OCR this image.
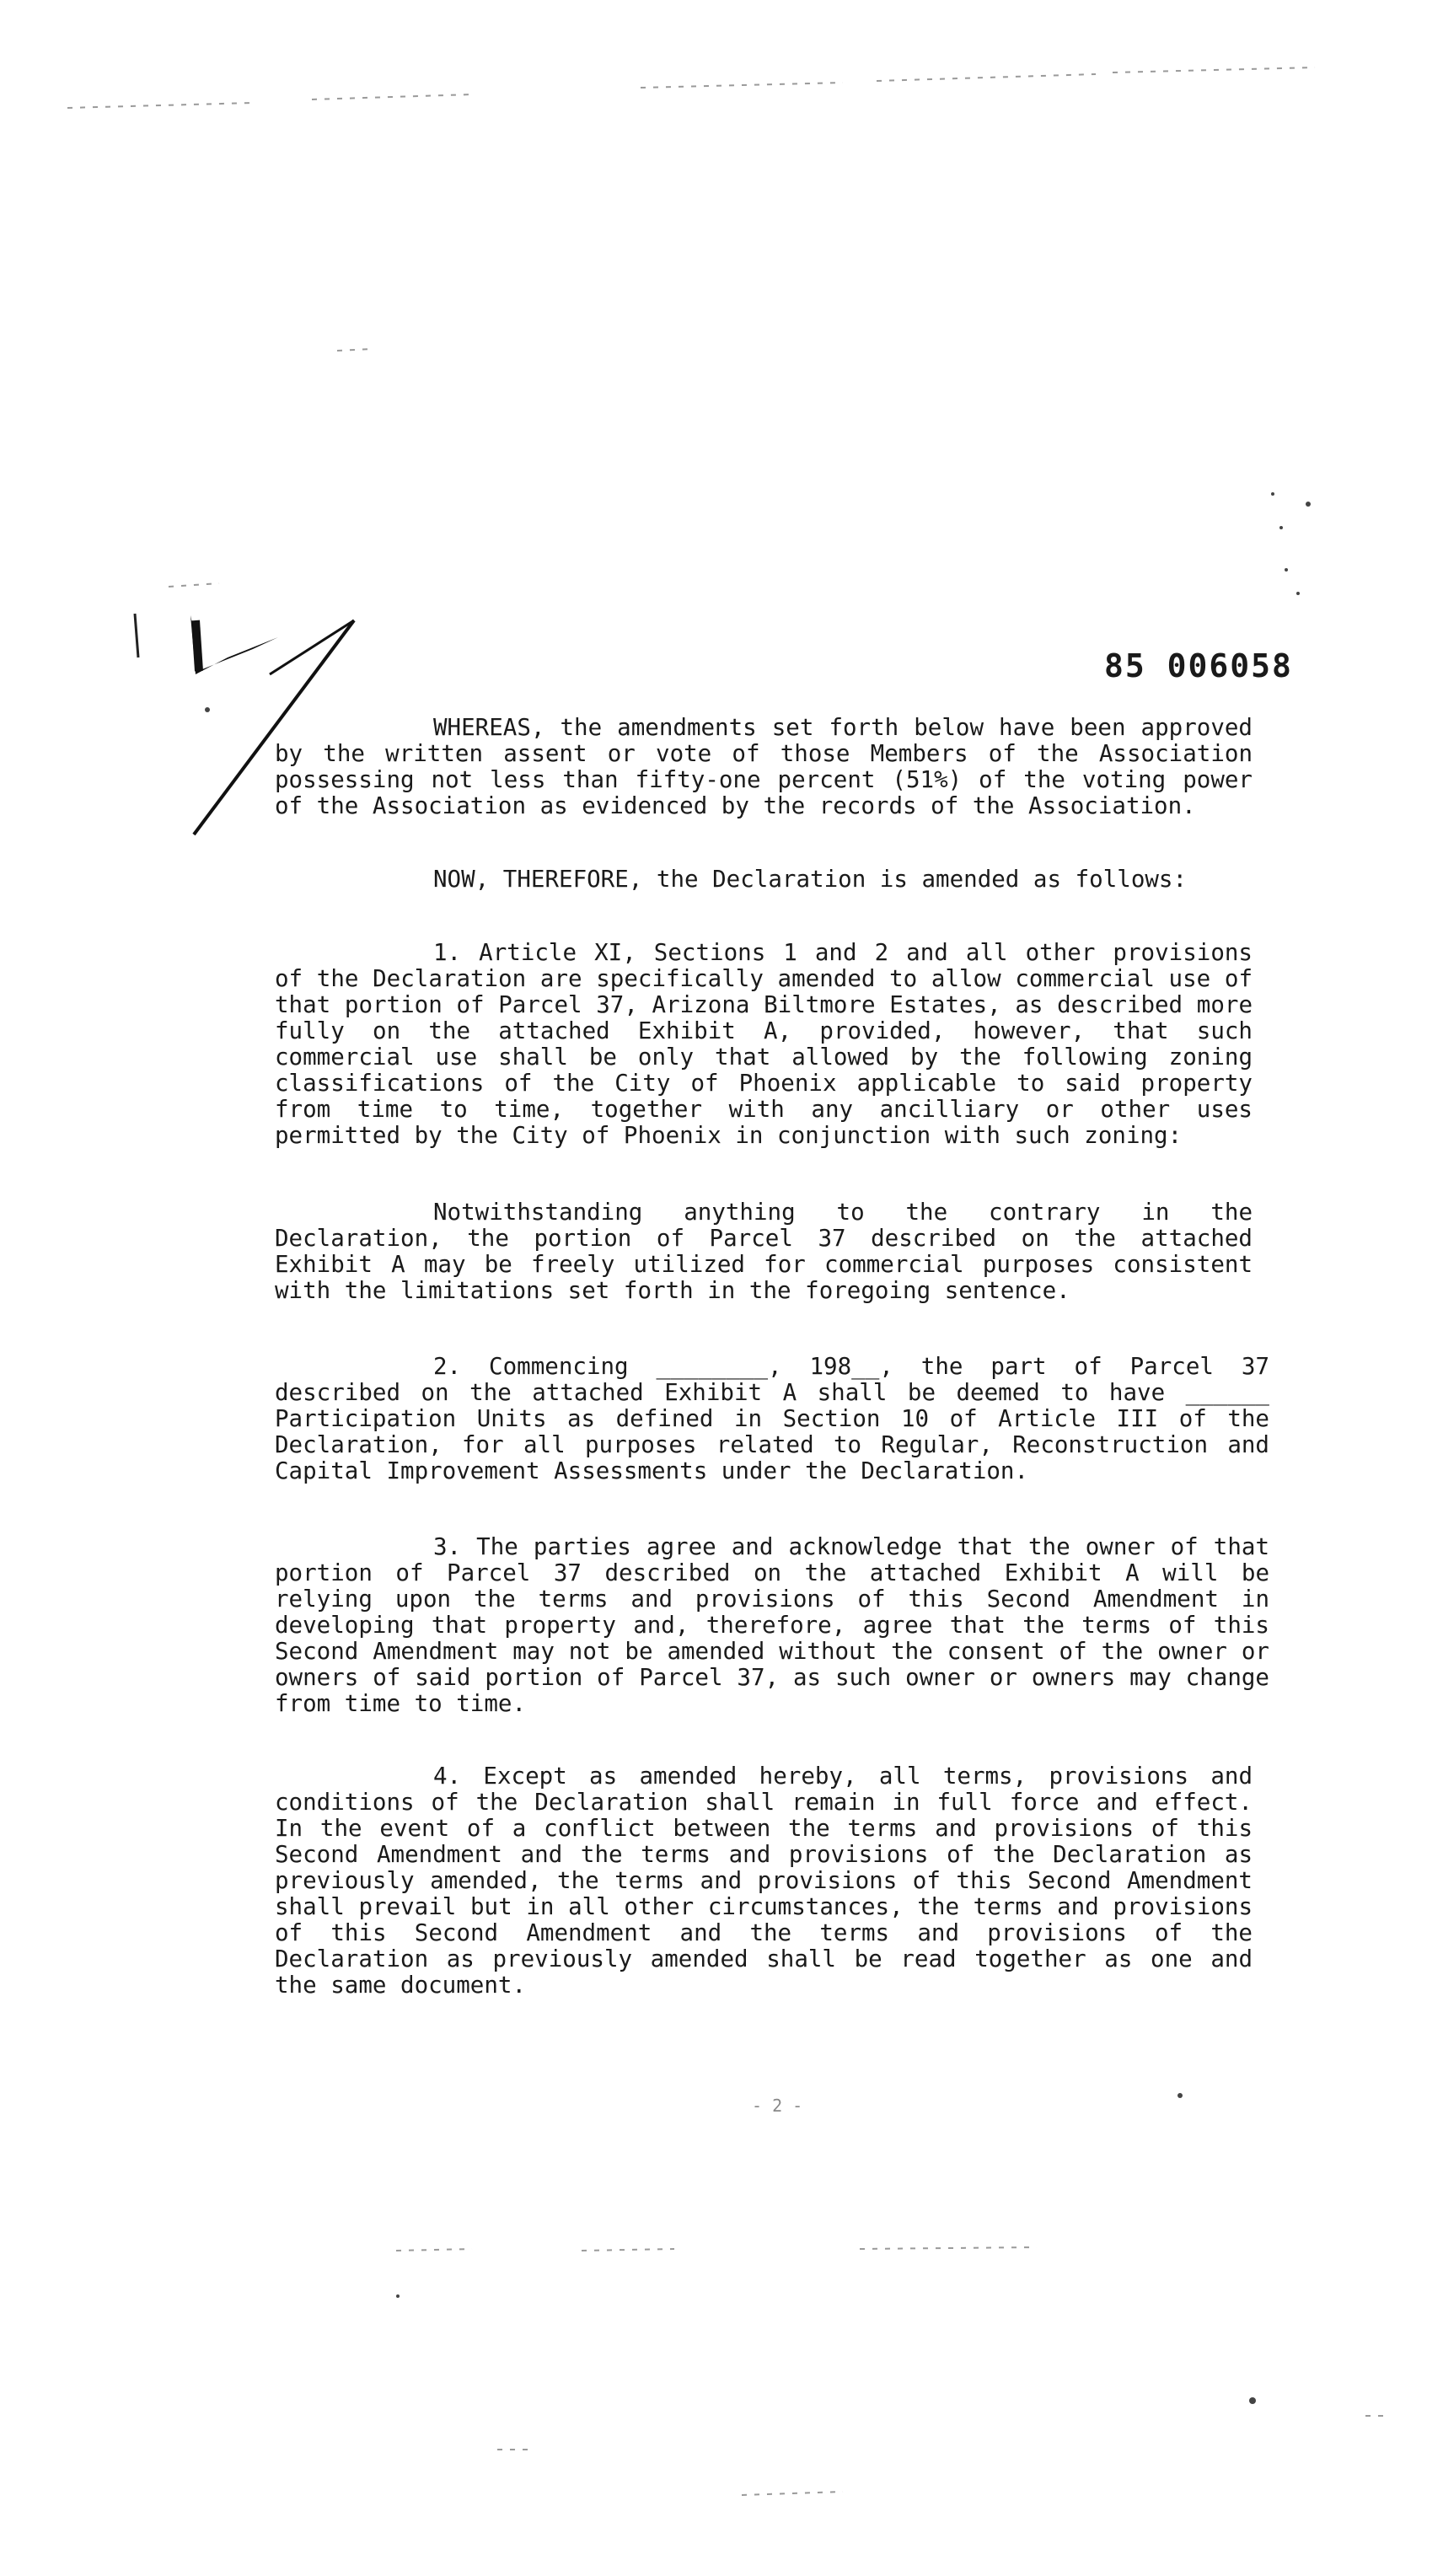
85 006058

WHEREAS, the amendments set forth below have been approved by the written assent or vote of those Members of the Association possessing not less than fifty-one percent (51%) of the voting power of the Association as evidenced by the records of the Association.

NOW, THEREFORE, the Declaration is amended as follows:

1. Article XI, Sections 1 and 2 and all other provisions of the Declaration are specifically amended to allow commercial use of that portion of Parcel 37, Arizona Biltmore Estates, as described more fully on the attached Exhibit A, provided, however, that such commercial use shall be only that allowed by the following zoning classifications of the City of Phoenix applicable to said property from time to time, together with any ancilliary or other uses permitted by the City of Phoenix in conjunction with such zoning:

Notwithstanding anything to the contrary in the Declaration, the portion of Parcel 37 described on the attached Exhibit A may be freely utilized for commercial purposes consistent with the limitations set forth in the foregoing sentence.

2. Commencing ________, 198__, the part of Parcel 37 described on the attached Exhibit A shall be deemed to have ______ Participation Units as defined in Section 10 of Article III of the Declaration, for all purposes related to Regular, Reconstruction and Capital Improvement Assessments under the Declaration.

3. The parties agree and acknowledge that the owner of that portion of Parcel 37 described on the attached Exhibit A will be relying upon the terms and provisions of this Second Amendment in developing that property and, therefore, agree that the terms of this Second Amendment may not be amended without the consent of the owner or owners of said portion of Parcel 37, as such owner or owners may change from time to time.

4. Except as amended hereby, all terms, provisions and conditions of the Declaration shall remain in full force and effect. In the event of a conflict between the terms and provisions of this Second Amendment and the terms and provisions of the Declaration as previously amended, the terms and provisions of this Second Amendment shall prevail but in all other circumstances, the terms and provisions of this Second Amendment and the terms and provisions of the Declaration as previously amended shall be read together as one and the same document.

- 2 -
